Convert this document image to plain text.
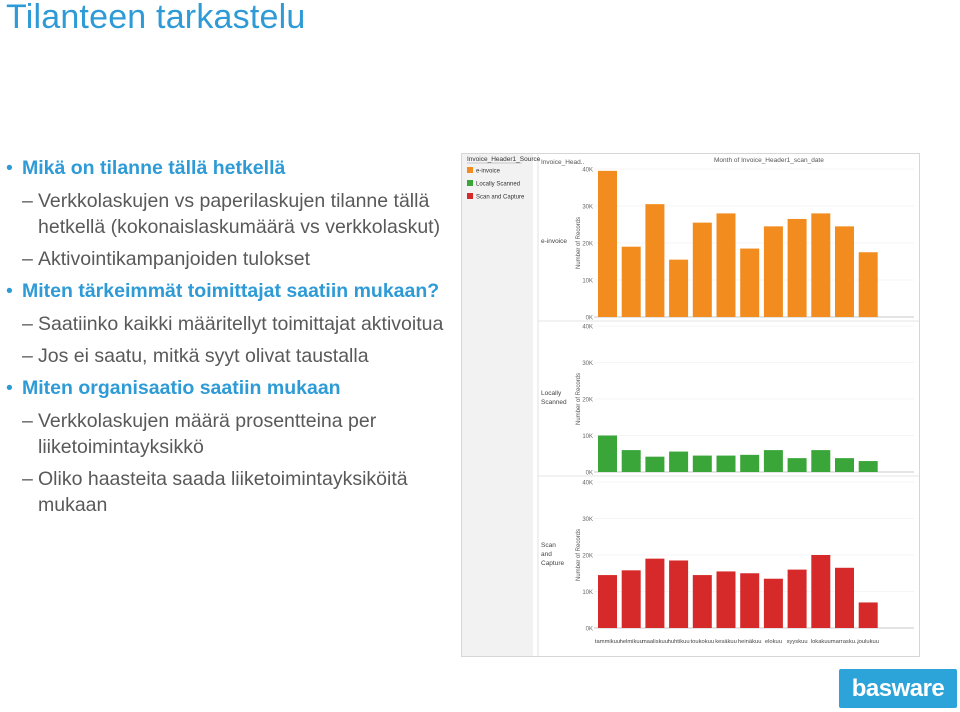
Tilanteen tarkastelu
• Mikä on tilanne tällä hetkellä
– Verkkolaskujen vs paperilaskujen tilanne tällä hetkellä (kokonaislaskumäärä vs verkkolaskut)
– Aktivointikampanjoiden tulokset
• Miten tärkeimmät toimittajat saatiin mukaan?
– Saatiinko kaikki määritellyt toimittajat aktivoitua
– Jos ei saatu, mitkä syyt olivat taustalla
• Miten organisaatio saatiin mukaan
– Verkkolaskujen määrä prosentteina per liiketoimintayksikkö
– Oliko haasteita saada liiketoimintayksiköitä mukaan
Invoice_Header1_Source
e-invoice
Locally Scanned
Scan and Capture
Invoice_Head..	Month of Invoice_Header1_scan_date
e-invoice
0K
10K
20K
30K
40K
Number of Records
Locally
Scanned
0K
10K
20K
30K
40K
Number of Records
Scan
and
Capture
0K
10K
20K
30K
40K
Number of Records
tammikuu helmikuu maaliskuu huhtikuu toukokuu kesäkuu heinäkuu elokuu syyskuu lokakuu marrasku.. joulukuu
basware
